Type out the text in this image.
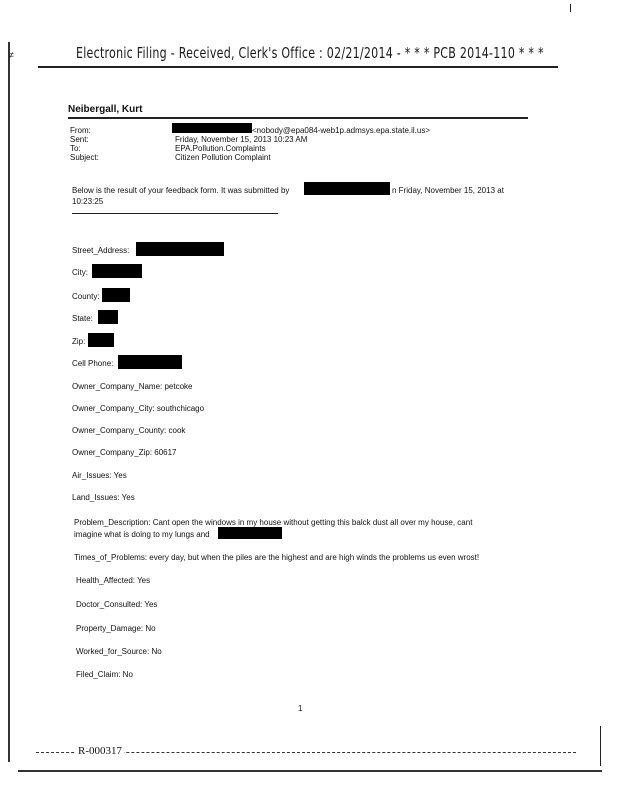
≠	Electronic Filing - Received, Clerk's Office : 02/21/2014 - * * * PCB 2014-110 * * *
Neibergall, Kurt
From:	<nobody@epa084-web1p.admsys.epa.state.il.us>
Sent:	Friday, November 15, 2013 10:23 AM
To:	EPA.Pollution.Complaints
Subject:	Citizen Pollution Complaint
Below is the result of your feedback form. It was submitted by	n Friday, November 15, 2013 at
10:23:25
Street_Address:
City:
County:
State:
Zip:
Cell Phone:
Owner_Company_Name: petcoke
Owner_Company_City: southchicago
Owner_Company_County: cook
Owner_Company_Zip: 60617
Air_Issues: Yes
Land_Issues: Yes
Problem_Description: Cant open the windows in my house without getting this balck dust all over my house, cant
imagine what is doing to my lungs and
Times_of_Problems: every day, but when the piles are the highest and are high winds the problems us even wrost!
Health_Affected: Yes
Doctor_Consulted: Yes
Property_Damage: No
Worked_for_Source: No
Filed_Claim: No
1
R-000317
